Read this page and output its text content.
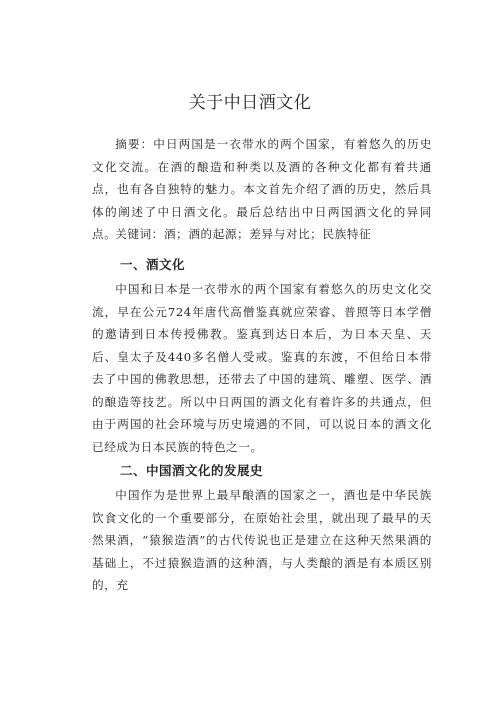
关于中日酒文化
摘要：中日两国是一衣带水的两个国家，有着悠久的历史文化交流。在酒的酿造和种类以及酒的各种文化都有着共通点，也有各自独特的魅力。本文首先介绍了酒的历史，然后具体的阐述了中日酒文化。最后总结出中日两国酒文化的异同点。
关键词：酒；酒的起源；差异与对比；民族特征
一、酒文化
中国和日本是一衣带水的两个国家有着悠久的历史文化交流，早在公元724年唐代高僧鉴真就应荣睿、普照等日本学僧的邀请到日本传授佛教。鉴真到达日本后，为日本天皇、天后、皇太子及440多名僧人受戒。鉴真的东渡，不但给日本带去了中国的佛教思想，还带去了中国的建筑、雕塑、医学、酒的酿造等技艺。所以中日两国的酒文化有着许多的共通点，但由于两国的社会环境与历史境遇的不同，可以说日本的酒文化已经成为日本民族的特色之一。
二、中国酒文化的发展史
中国作为是世界上最早酿酒的国家之一，酒也是中华民族饮食文化的一个重要部分，在原始社会里，就出现了最早的天然果酒，“猿猴造酒”的古代传说也正是建立在这种天然果酒的基础上，不过猿猴造酒的这种酒，与人类酿的酒是有本质区别的，充
